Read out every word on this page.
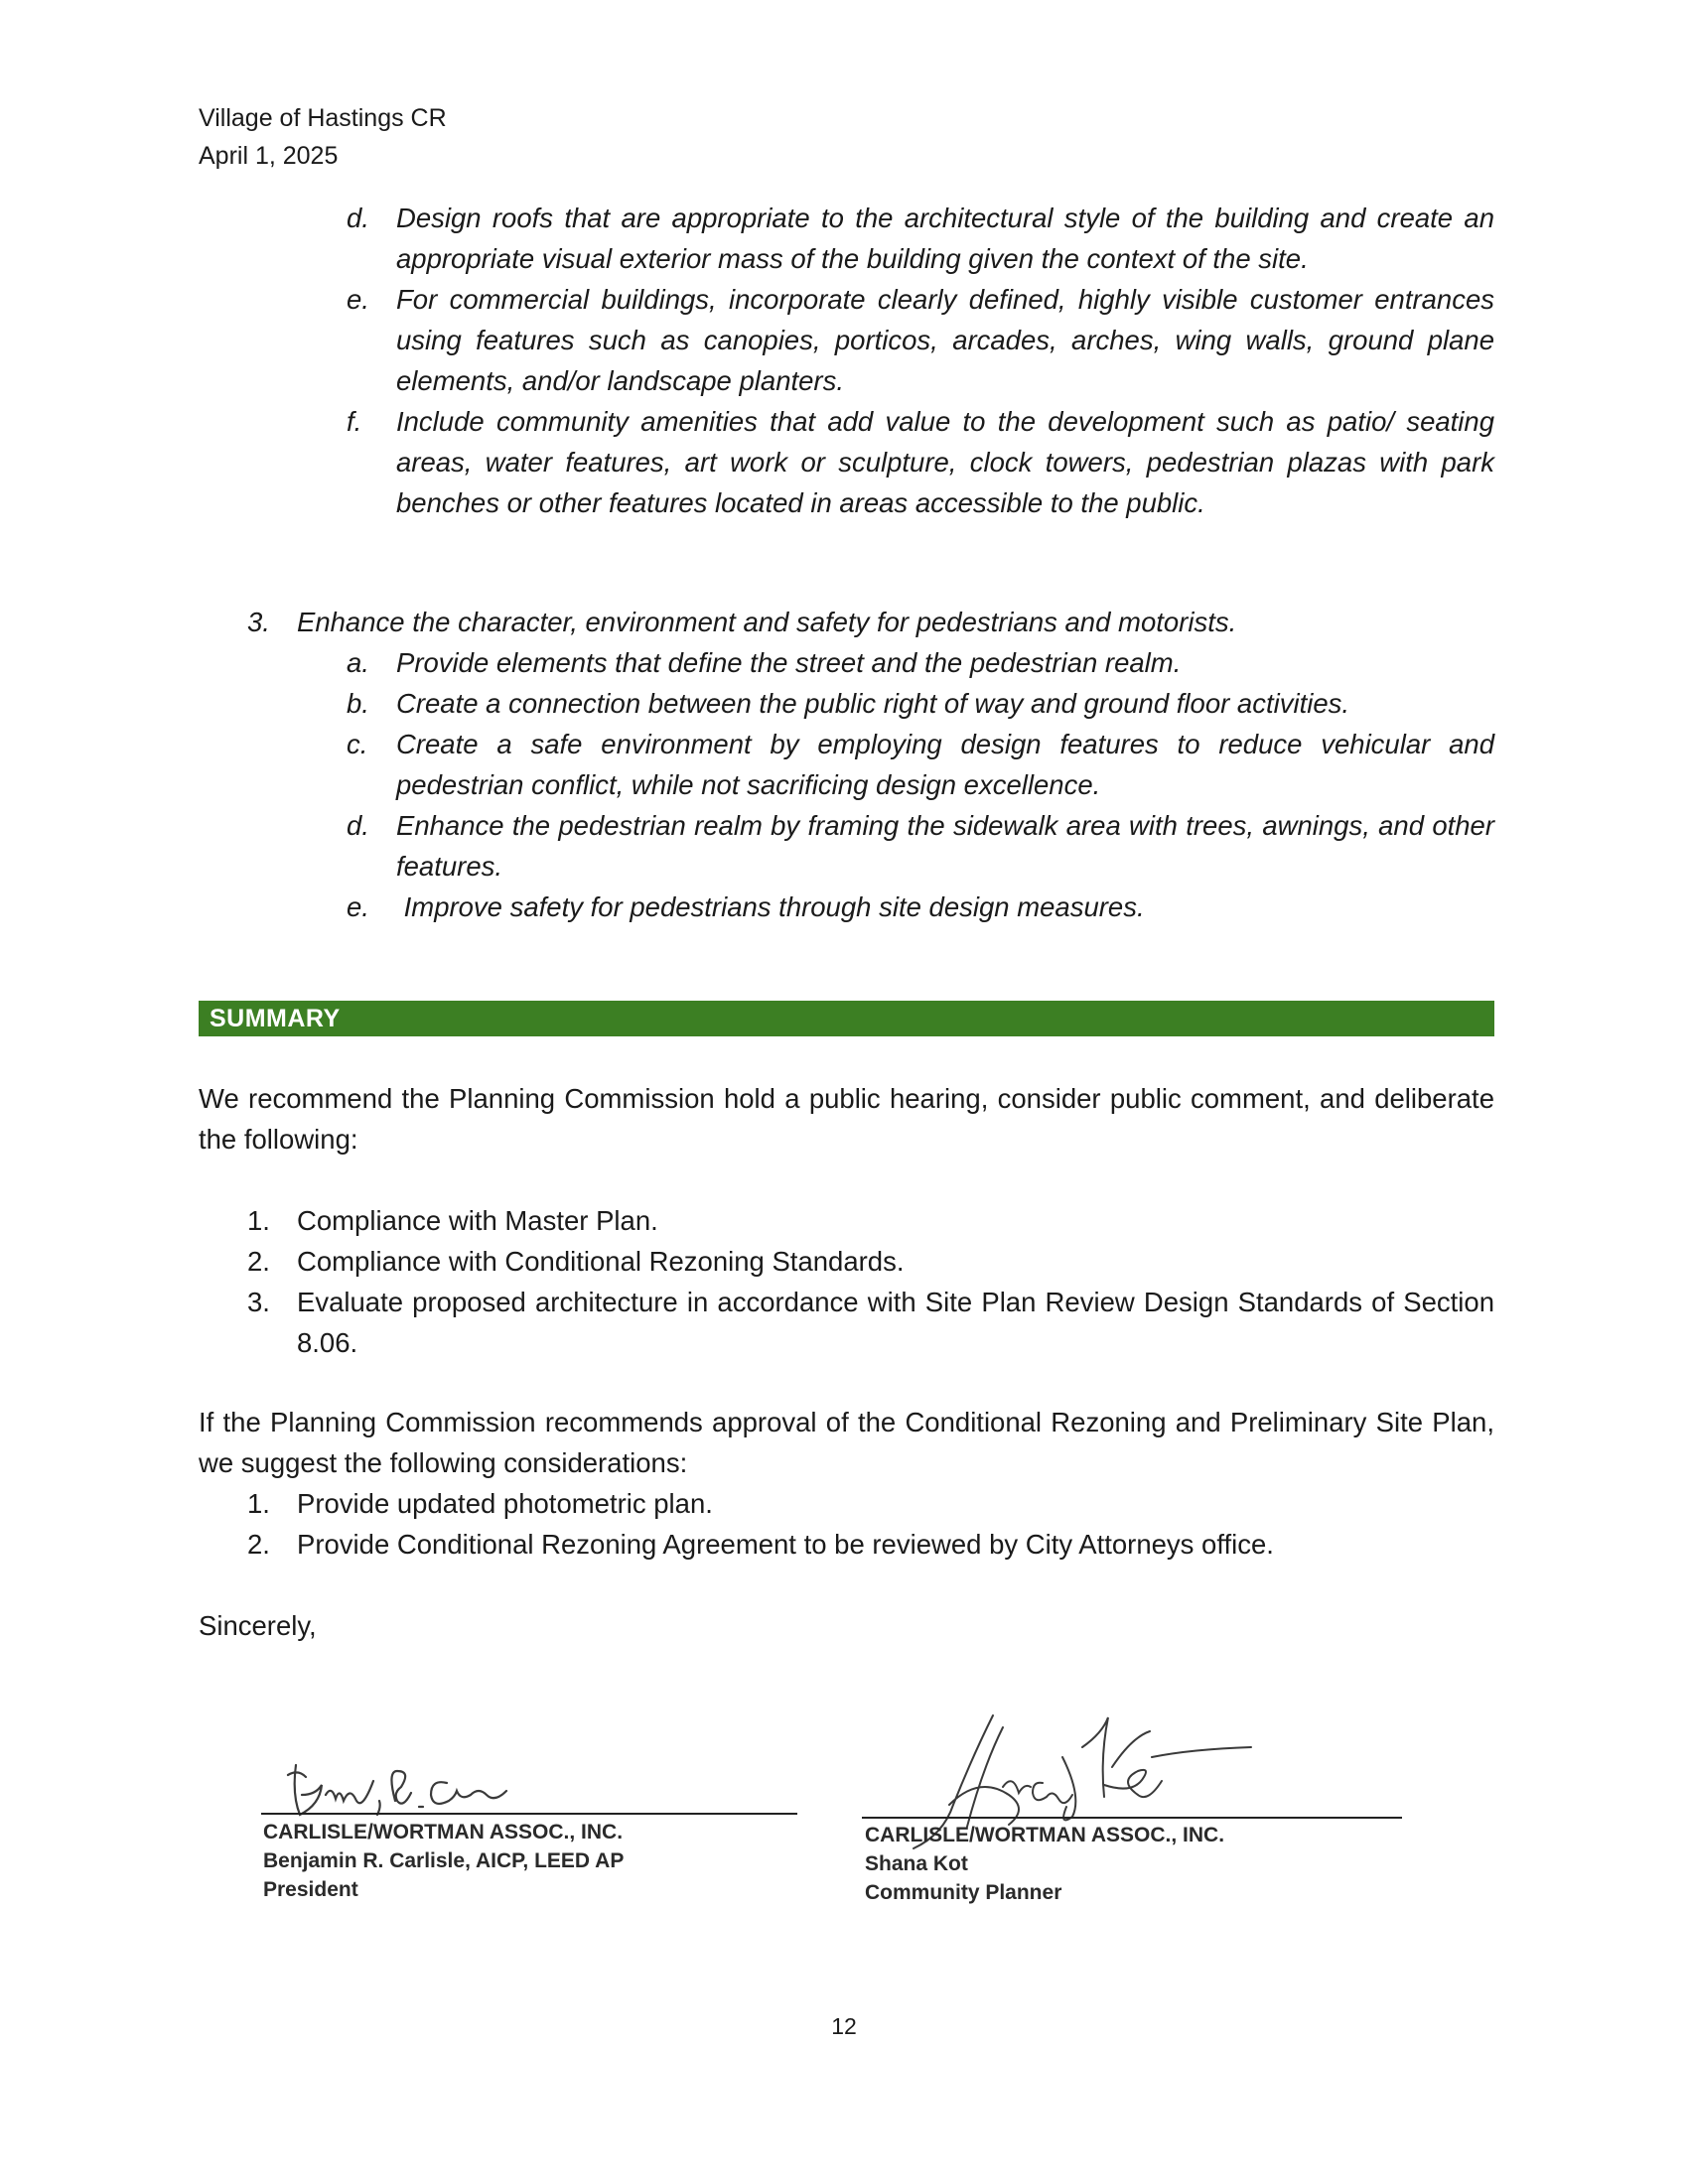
Village of Hastings CR
April 1, 2025
d. Design roofs that are appropriate to the architectural style of the building and create an appropriate visual exterior mass of the building given the context of the site.
e. For commercial buildings, incorporate clearly defined, highly visible customer entrances using features such as canopies, porticos, arcades, arches, wing walls, ground plane elements, and/or landscape planters.
f. Include community amenities that add value to the development such as patio/ seating areas, water features, art work or sculpture, clock towers, pedestrian plazas with park benches or other features located in areas accessible to the public.
3. Enhance the character, environment and safety for pedestrians and motorists.
a. Provide elements that define the street and the pedestrian realm.
b. Create a connection between the public right of way and ground floor activities.
c. Create a safe environment by employing design features to reduce vehicular and pedestrian conflict, while not sacrificing design excellence.
d. Enhance the pedestrian realm by framing the sidewalk area with trees, awnings, and other features.
e. Improve safety for pedestrians through site design measures.
SUMMARY
We recommend the Planning Commission hold a public hearing, consider public comment, and deliberate the following:
1. Compliance with Master Plan.
2. Compliance with Conditional Rezoning Standards.
3. Evaluate proposed architecture in accordance with Site Plan Review Design Standards of Section 8.06.
If the Planning Commission recommends approval of the Conditional Rezoning and Preliminary Site Plan, we suggest the following considerations:
1. Provide updated photometric plan.
2. Provide Conditional Rezoning Agreement to be reviewed by City Attorneys office.
Sincerely,
CARLISLE/WORTMAN ASSOC., INC.
Benjamin R. Carlisle, AICP, LEED AP
President
CARLISLE/WORTMAN ASSOC., INC.
Shana Kot
Community Planner
12
